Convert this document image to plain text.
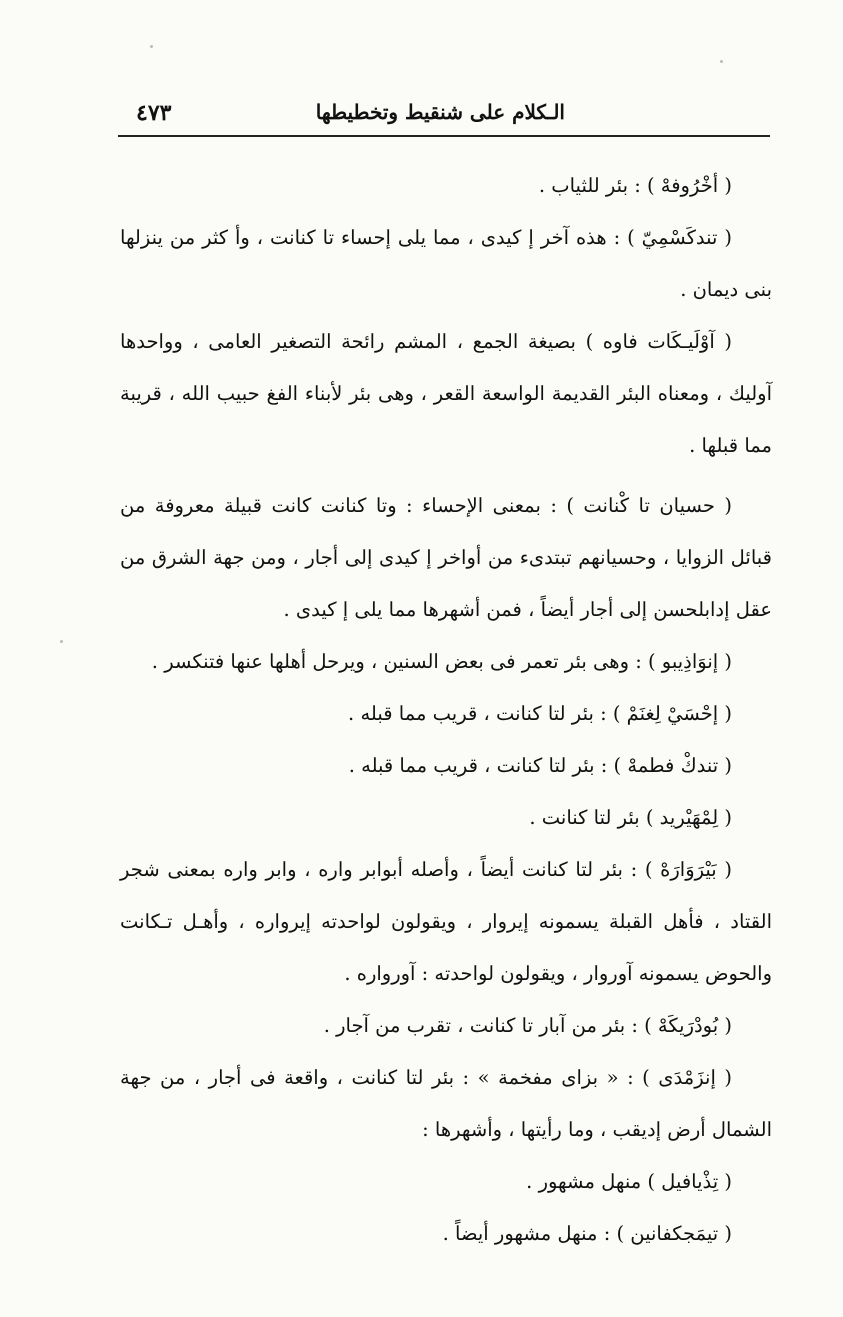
الـكلام على شنقيط وتخطيطها
٤٧٣

( أخْرُوفهْ ) : بئر للثياب .

( تندكَسْمِيّ ) : هذه آخر إ كيدى ، مما يلى إحساء تا كنانت ، وأ كثر من ينزلها بنى ديمان .

( آوْلَيـكَات فاوه ) بصيغة الجمع ، المشم رائحة التصغير العامى ، وواحدها آوليك ، ومعناه البئر القديمة الواسعة القعر ، وهى بئر لأبناء الفغ حبيب الله ، قريبة مما قبلها .

( حسيان تا كْنانت ) : بمعنى الإحساء : وتا كنانت كانت قبيلة معروفة من قبائل الزوايا ، وحسيانهم تبتدىء من أواخر إ كيدى إلى أجار ، ومن جهة الشرق من عقل إدابلحسن إلى أجار أيضاً ، فمن أشهرها مما يلى إ كيدى .

( إنوَاذِيبو ) : وهى بئر تعمر فى بعض السنين ، ويرحل أهلها عنها فتنكسر .

( إحْسَيْ لِغنَمْ ) : بئر لتا كنانت ، قريب مما قبله .

( تندكْ فطمهْ ) : بئر لتا كنانت ، قريب مما قبله .

( لِمْهَيْريد ) بئر لتا كنانت .

( بَيْرَوَارَهْ ) : بئر لتا كنانت أيضاً ، وأصله أبوابر واره ، وابر واره بمعنى شجر القتاد ، فأهل القبلة يسمونه إيروار ، ويقولون لواحدته إيرواره ، وأهـل تـكانت والحوض يسمونه آوروار ، ويقولون لواحدته : آورواره .

( بُودْرَيكَهْ ) : بئر من آبار تا كنانت ، تقرب من آجار .

( إنزَمْدَى ) : « بزاى مفخمة » : بئر لتا كنانت ، واقعة فى أجار ، من جهة الشمال أرض إديقب ، وما رأيتها ، وأشهرها :

( تِذْيافيل ) منهل مشهور .

( تيمَجكفانين ) : منهل مشهور أيضاً .
